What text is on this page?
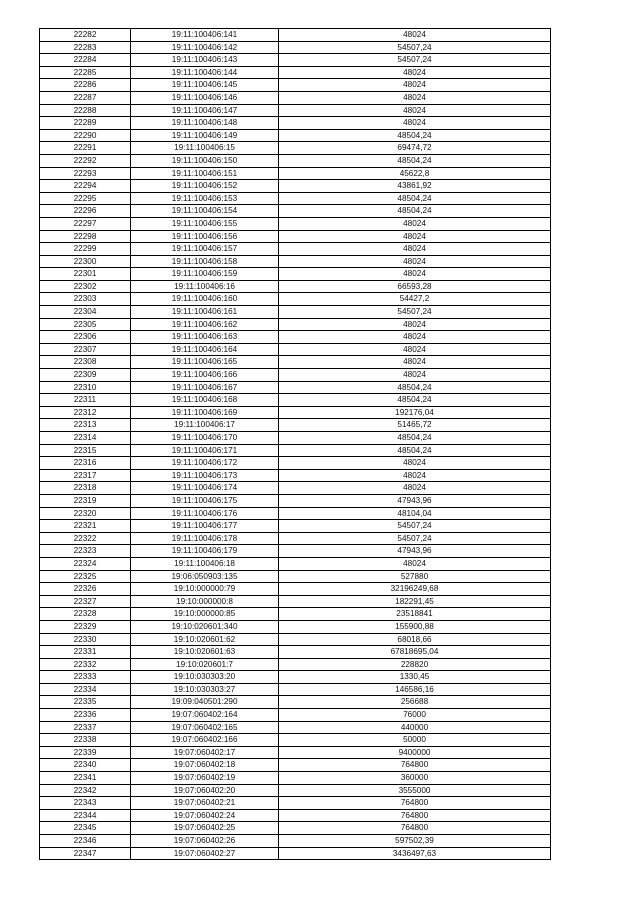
22282	19:11:100406:141	48024
22283	19:11:100406:142	54507,24
22284	19:11:100406:143	54507,24
22285	19:11:100406:144	48024
22286	19:11:100406:145	48024
22287	19:11:100406:146	48024
22288	19:11:100406:147	48024
22289	19:11:100406:148	48024
22290	19:11:100406:149	48504,24
22291	19:11:100406:15	69474,72
22292	19:11:100406:150	48504,24
22293	19:11:100406:151	45622,8
22294	19:11:100406:152	43861,92
22295	19:11:100406:153	48504,24
22296	19:11:100406:154	48504,24
22297	19:11:100406:155	48024
22298	19:11:100406:156	48024
22299	19:11:100406:157	48024
22300	19:11:100406:158	48024
22301	19:11:100406:159	48024
22302	19:11:100406:16	66593,28
22303	19:11:100406:160	54427,2
22304	19:11:100406:161	54507,24
22305	19:11:100406:162	48024
22306	19:11:100406:163	48024
22307	19:11:100406:164	48024
22308	19:11:100406:165	48024
22309	19:11:100406:166	48024
22310	19:11:100406:167	48504,24
22311	19:11:100406:168	48504,24
22312	19:11:100406:169	192176,04
22313	19:11:100406:17	51465,72
22314	19:11:100406:170	48504,24
22315	19:11:100406:171	48504,24
22316	19:11:100406:172	48024
22317	19:11:100406:173	48024
22318	19:11:100406:174	48024
22319	19:11:100406:175	47943,96
22320	19:11:100406:176	48104,04
22321	19:11:100406:177	54507,24
22322	19:11:100406:178	54507,24
22323	19:11:100406:179	47943,96
22324	19:11:100406:18	48024
22325	19:06:050903:135	527880
22326	19:10:000000:79	32196249,68
22327	19:10:000000:8	182291,45
22328	19:10:000000:85	23518841
22329	19:10:020601:340	155900,88
22330	19:10:020601:62	68018,66
22331	19:10:020601:63	67818695,04
22332	19:10:020601:7	228820
22333	19:10:030303:20	1330,45
22334	19:10:030303:27	146586,16
22335	19:09:040501:290	256688
22336	19:07:060402:164	76000
22337	19:07:060402:165	440000
22338	19:07:060402:166	50000
22339	19:07:060402:17	9400000
22340	19:07:060402:18	764800
22341	19:07:060402:19	360000
22342	19:07:060402:20	3555000
22343	19:07:060402:21	764800
22344	19:07:060402:24	764800
22345	19:07:060402:25	764800
22346	19:07:060402:26	597502,39
22347	19:07:060402:27	3436497,63
